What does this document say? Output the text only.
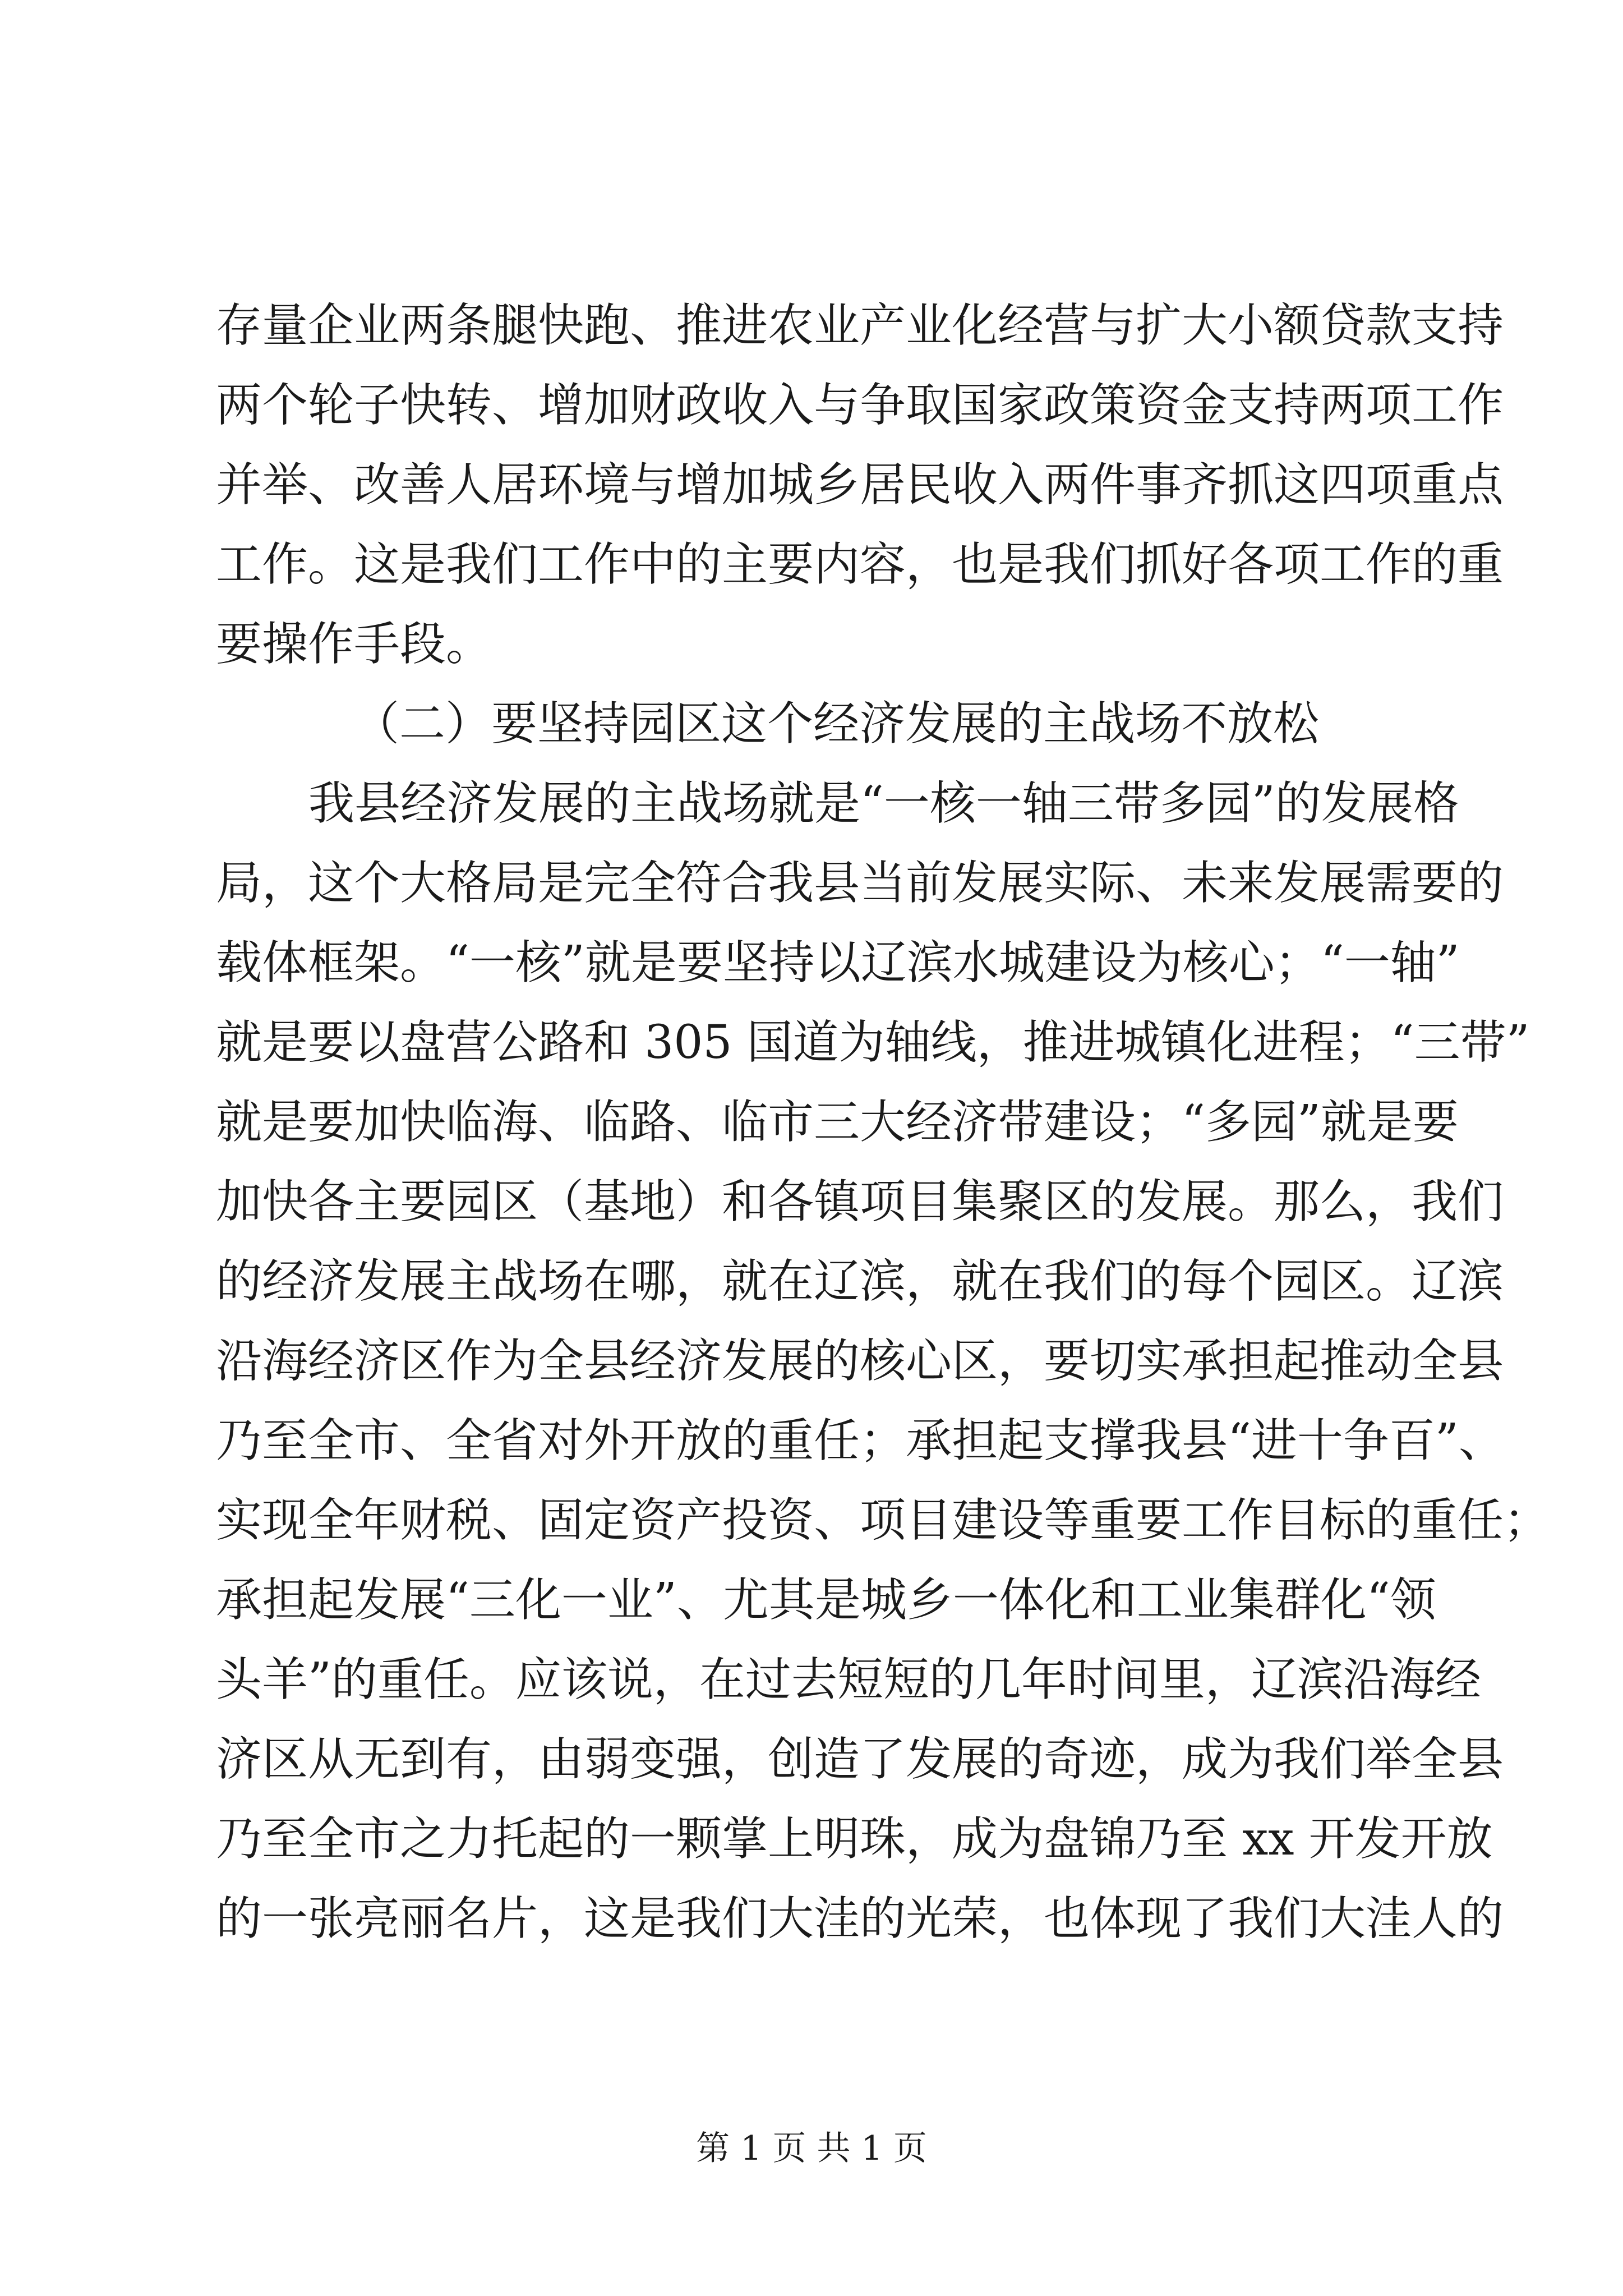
存量企业两条腿快跑、推进农业产业化经营与扩大小额贷款支持
两个轮子快转、增加财政收入与争取国家政策资金支持两项工作
并举、改善人居环境与增加城乡居民收入两件事齐抓这四项重点
工作。这是我们工作中的主要内容，也是我们抓好各项工作的重
要操作手段。
（二）要坚持园区这个经济发展的主战场不放松
我县经济发展的主战场就是“一核一轴三带多园”的发展格
局，这个大格局是完全符合我县当前发展实际、未来发展需要的
载体框架。“一核”就是要坚持以辽滨水城建设为核心；“一轴”
就是要以盘营公路和 305 国道为轴线，推进城镇化进程；“三带”
就是要加快临海、临路、临市三大经济带建设；“多园”就是要
加快各主要园区（基地）和各镇项目集聚区的发展。那么，我们
的经济发展主战场在哪，就在辽滨，就在我们的每个园区。辽滨
沿海经济区作为全县经济发展的核心区，要切实承担起推动全县
乃至全市、全省对外开放的重任；承担起支撑我县“进十争百”、
实现全年财税、固定资产投资、项目建设等重要工作目标的重任；
承担起发展“三化一业”、尤其是城乡一体化和工业集群化“领
头羊”的重任。应该说，在过去短短的几年时间里，辽滨沿海经
济区从无到有，由弱变强，创造了发展的奇迹，成为我们举全县
乃至全市之力托起的一颗掌上明珠，成为盘锦乃至 xx 开发开放
的一张亮丽名片，这是我们大洼的光荣，也体现了我们大洼人的
第 1 页 共 1 页
